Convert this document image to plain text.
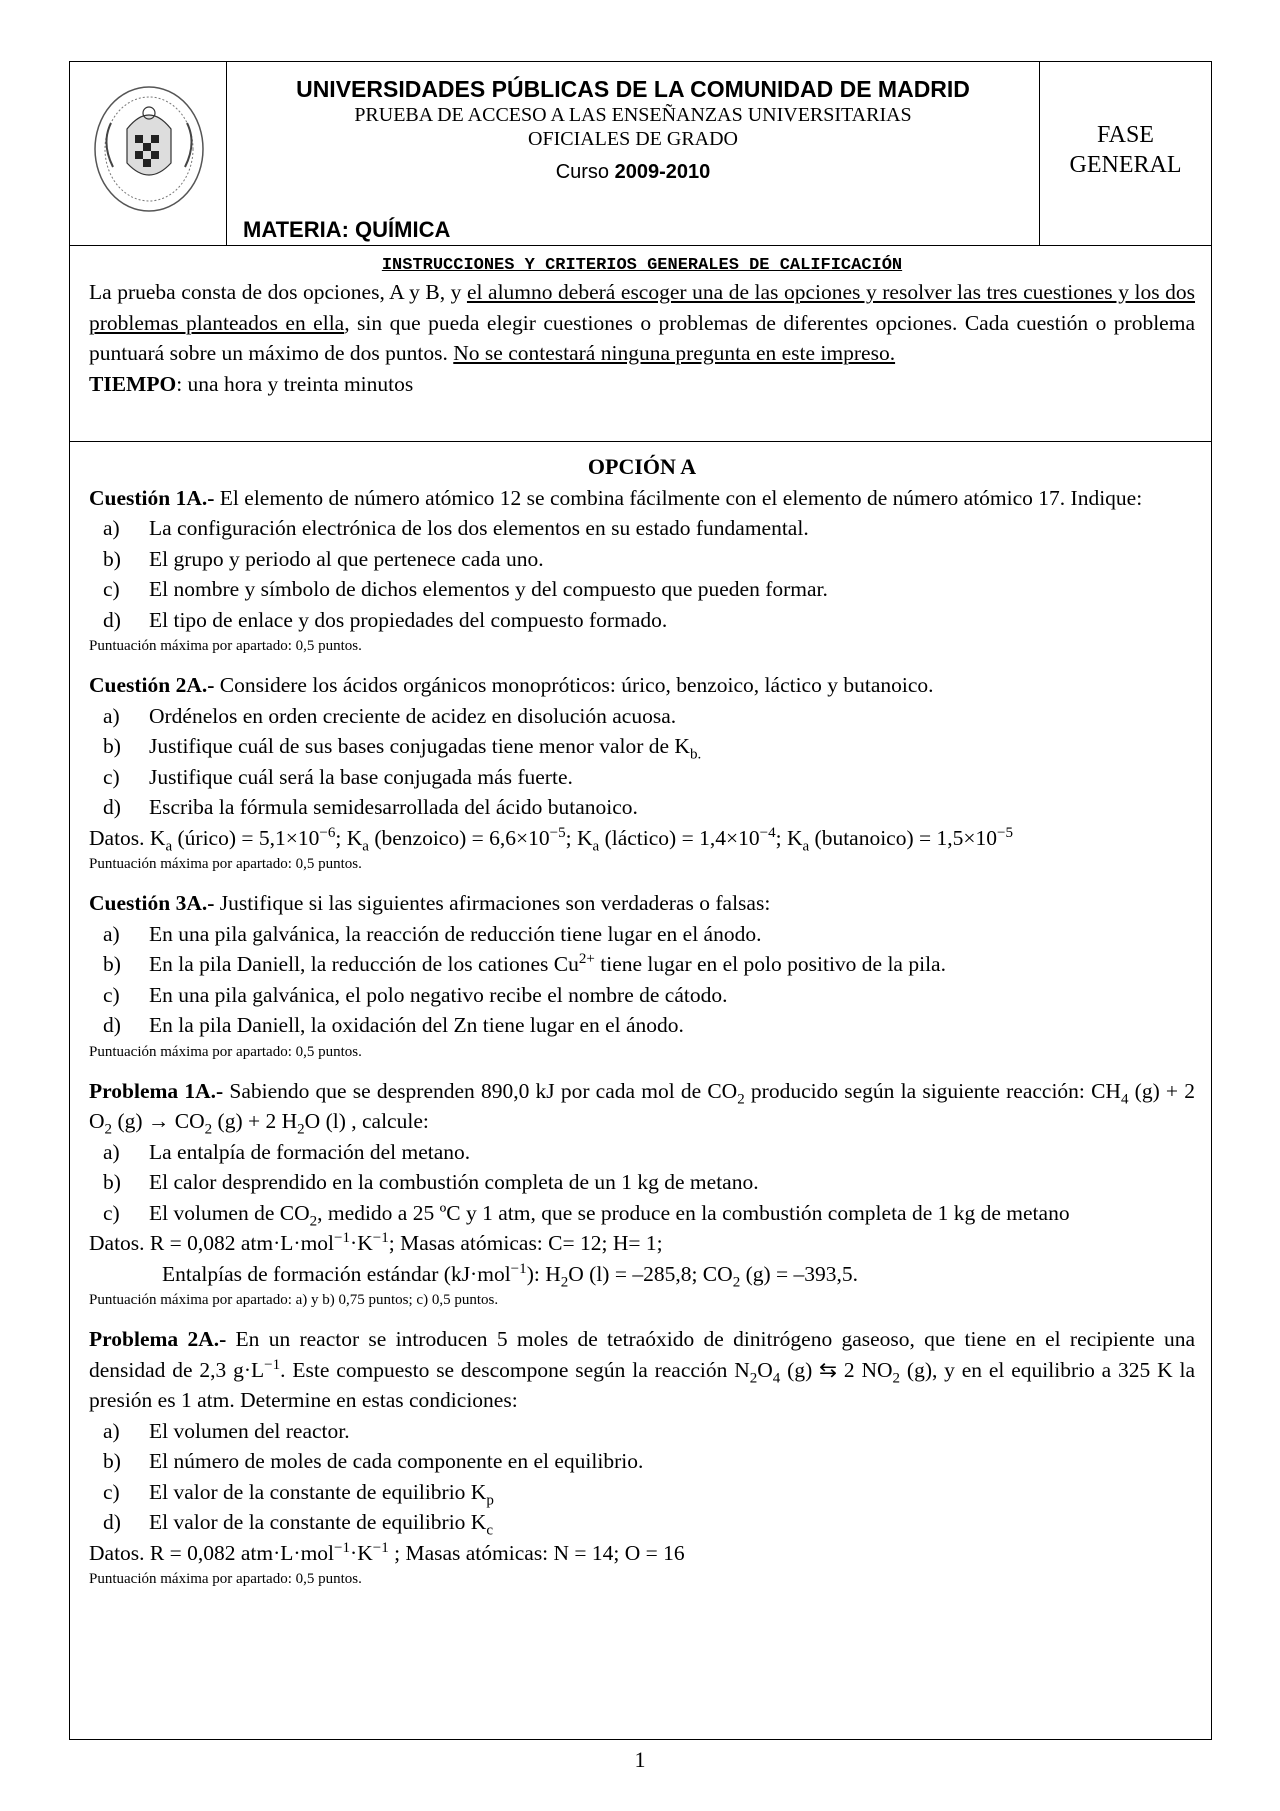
UNIVERSIDADES PÚBLICAS DE LA COMUNIDAD DE MADRID
PRUEBA DE ACCESO A LAS ENSEÑANZAS UNIVERSITARIAS
OFICIALES DE GRADO
Curso 2009-2010
MATERIA: QUÍMICA
FASE
GENERAL
INSTRUCCIONES Y CRITERIOS GENERALES DE CALIFICACIÓN
La prueba consta de dos opciones, A y B, y el alumno deberá escoger una de las opciones y resolver las tres cuestiones y los dos problemas planteados en ella, sin que pueda elegir cuestiones o problemas de diferentes opciones. Cada cuestión o problema puntuará sobre un máximo de dos puntos. No se contestará ninguna pregunta en este impreso.
TIEMPO: una hora y treinta minutos
OPCIÓN A
Cuestión 1A.- El elemento de número atómico 12 se combina fácilmente con el elemento de número atómico 17. Indique:
a) La configuración electrónica de los dos elementos en su estado fundamental.
b) El grupo y periodo al que pertenece cada uno.
c) El nombre y símbolo de dichos elementos y del compuesto que pueden formar.
d) El tipo de enlace y dos propiedades del compuesto formado.
Puntuación máxima por apartado: 0,5 puntos.
Cuestión 2A.- Considere los ácidos orgánicos monopróticos: úrico, benzoico, láctico y butanoico.
a) Ordénelos en orden creciente de acidez en disolución acuosa.
b) Justifique cuál de sus bases conjugadas tiene menor valor de $K_{b.}$
c) Justifique cuál será la base conjugada más fuerte.
d) Escriba la fórmula semidesarrollada del ácido butanoico.
Datos. $K_a$ (úrico) = $5,1\times 10^{-6}$; $K_a$ (benzoico) = $6,6\times 10^{-5}$; $K_a$ (láctico) = $1,4\times 10^{-4}$; $K_a$ (butanoico) = $1,5\times 10^{-5}$
Puntuación máxima por apartado: 0,5 puntos.
Cuestión 3A.- Justifique si las siguientes afirmaciones son verdaderas o falsas:
a) En una pila galvánica, la reacción de reducción tiene lugar en el ánodo.
b) En la pila Daniell, la reducción de los cationes $Cu^{2+}$ tiene lugar en el polo positivo de la pila.
c) En una pila galvánica, el polo negativo recibe el nombre de cátodo.
d) En la pila Daniell, la oxidación del Zn tiene lugar en el ánodo.
Puntuación máxima por apartado: 0,5 puntos.
Problema 1A.- Sabiendo que se desprenden 890,0 kJ por cada mol de $CO_2$ producido según la siguiente reacción: $CH_4$ (g) + 2 $O_2$ $(g) \to CO_2$ (g) + 2 $H_2O$ (l) , calcule:
a) La entalpía de formación del metano.
b) El calor desprendido en la combustión completa de un 1 kg de metano.
c) El volumen de $CO_2$, medido a 25 ºC y 1 atm, que se produce en la combustión completa de 1 kg de metano
Datos. R = 0,082 $atm\cdot L\cdot mol^{-1}\cdot K^{-1}$; Masas atómicas: C= 12; H= 1;
Entalpías de formación estándar (kJ·mol$^{-1}$): $H_2O$ (l) = –285,8; $CO_2$ (g) = –393,5.
Puntuación máxima por apartado: a) y b) 0,75 puntos; c) 0,5 puntos.
Problema 2A.- En un reactor se introducen 5 moles de tetraóxido de dinitrógeno gaseoso, que tiene en el recipiente una densidad de 2,3 $g\cdot L^{-1}$. Este compuesto se descompone según la reacción $N_2O_4$ (g) ⇆ 2 $NO_2$ (g), y en el equilibrio a 325 K la presión es 1 atm. Determine en estas condiciones:
a) El volumen del reactor.
b) El número de moles de cada componente en el equilibrio.
c) El valor de la constante de equilibrio $K_p$
d) El valor de la constante de equilibrio $K_c$
Datos. R = 0,082 $atm\cdot L\cdot mol^{-1}\cdot K^{-1}$ ; Masas atómicas: N = 14; O = 16
Puntuación máxima por apartado: 0,5 puntos.
1
